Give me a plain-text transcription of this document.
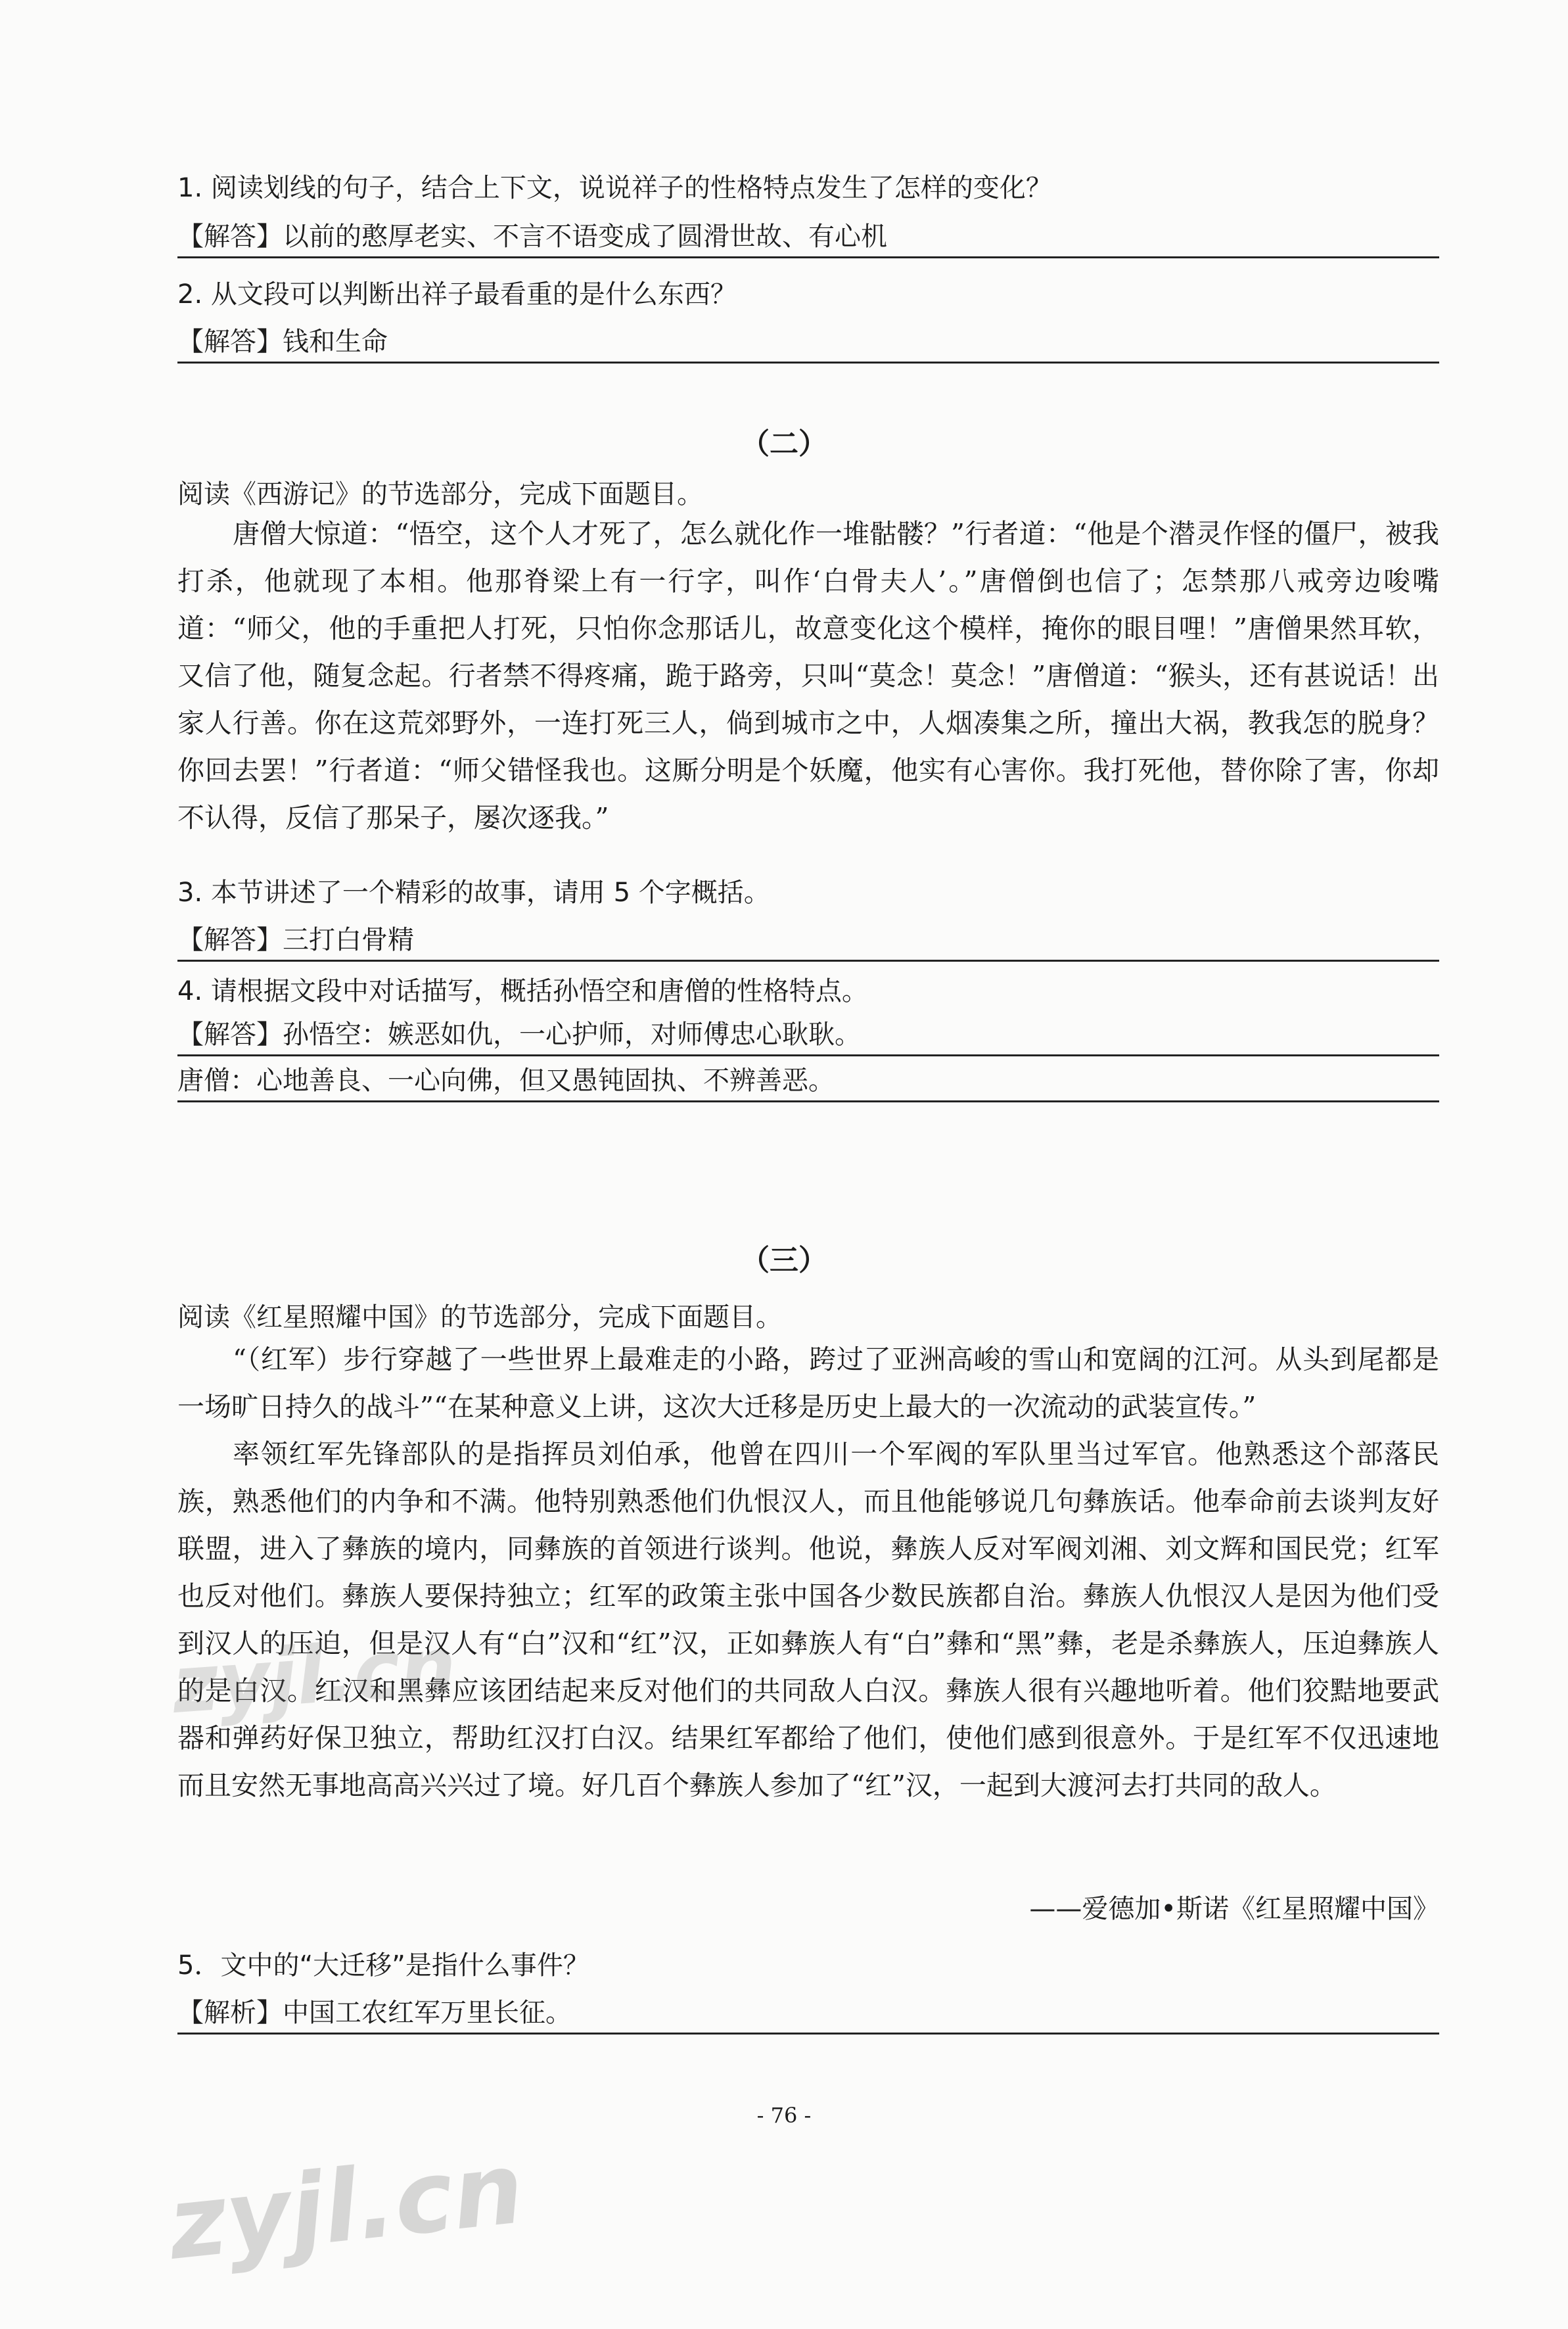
1. 阅读划线的句子，结合上下文，说说祥子的性格特点发生了怎样的变化？
【解答】以前的憨厚老实、不言不语变成了圆滑世故、有心机
2. 从文段可以判断出祥子最看重的是什么东西？
【解答】钱和生命
（二）
阅读《西游记》的节选部分，完成下面题目。
唐僧大惊道：“悟空，这个人才死了，怎么就化作一堆骷髅？”行者道：“他是个潜灵作怪的僵尸，被我打杀，他就现了本相。他那脊梁上有一行字，叫作‘白骨夫人’。”唐僧倒也信了；怎禁那八戒旁边唆嘴道：“师父，他的手重把人打死，只怕你念那话儿，故意变化这个模样，掩你的眼目哩！”唐僧果然耳软，又信了他，随复念起。行者禁不得疼痛，跪于路旁，只叫“莫念！莫念！”唐僧道：“猴头，还有甚说话！出家人行善。你在这荒郊野外，一连打死三人，倘到城市之中，人烟凑集之所，撞出大祸，教我怎的脱身？你回去罢！”行者道：“师父错怪我也。这厮分明是个妖魔，他实有心害你。我打死他，替你除了害，你却不认得，反信了那呆子，屡次逐我。”
3. 本节讲述了一个精彩的故事，请用 5 个字概括。
【解答】三打白骨精
4. 请根据文段中对话描写，概括孙悟空和唐僧的性格特点。
【解答】孙悟空：嫉恶如仇，一心护师，对师傅忠心耿耿。
唐僧：心地善良、一心向佛，但又愚钝固执、不辨善恶。
（三）
阅读《红星照耀中国》的节选部分，完成下面题目。
“（红军）步行穿越了一些世界上最难走的小路，跨过了亚洲高峻的雪山和宽阔的江河。从头到尾都是一场旷日持久的战斗”“在某种意义上讲，这次大迁移是历史上最大的一次流动的武装宣传。”
率领红军先锋部队的是指挥员刘伯承，他曾在四川一个军阀的军队里当过军官。他熟悉这个部落民族，熟悉他们的内争和不满。他特别熟悉他们仇恨汉人，而且他能够说几句彝族话。他奉命前去谈判友好联盟，进入了彝族的境内，同彝族的首领进行谈判。他说，彝族人反对军阀刘湘、刘文辉和国民党；红军也反对他们。彝族人要保持独立；红军的政策主张中国各少数民族都自治。彝族人仇恨汉人是因为他们受到汉人的压迫，但是汉人有“白”汉和“红”汉，正如彝族人有“白”彝和“黑”彝，老是杀彝族人，压迫彝族人的是白汉。红汉和黑彝应该团结起来反对他们的共同敌人白汉。彝族人很有兴趣地听着。他们狡黠地要武器和弹药好保卫独立，帮助红汉打白汉。结果红军都给了他们，使他们感到很意外。于是红军不仅迅速地而且安然无事地高高兴兴过了境。好几百个彝族人参加了“红”汉，一起到大渡河去打共同的敌人。
——爱德加•斯诺《红星照耀中国》
5．文中的“大迁移”是指什么事件？
【解析】中国工农红军万里长征。
- 76 -
zyjl.cn
zyjl.cn
